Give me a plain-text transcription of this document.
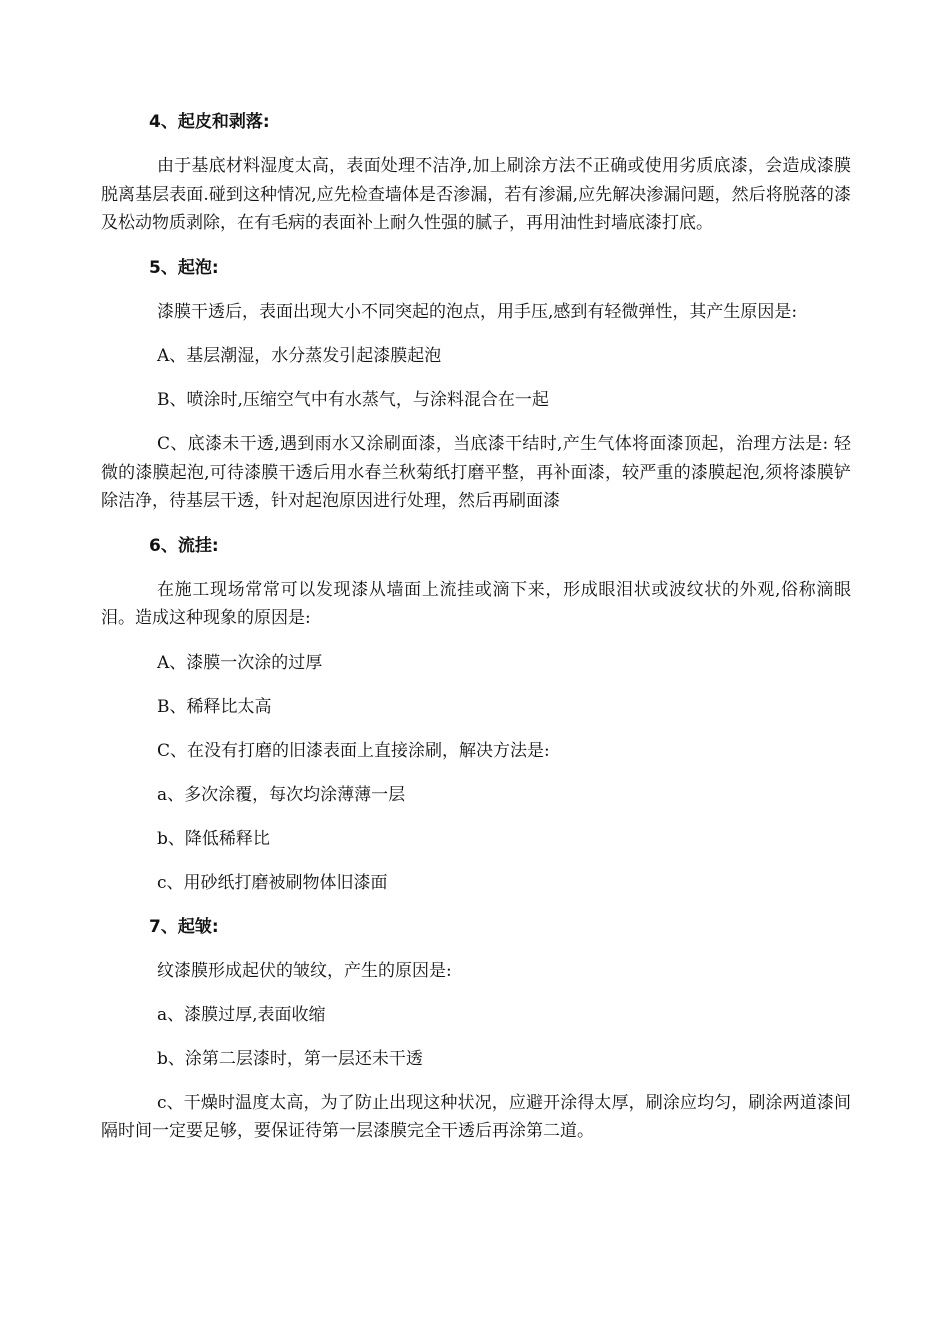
4、起皮和剥落:

由于基底材料湿度太高，表面处理不洁净,加上刷涂方法不正确或使用劣质底漆，会造成漆膜脱离基层表面.碰到这种情况,应先检查墙体是否渗漏，若有渗漏,应先解决渗漏问题，然后将脱落的漆及松动物质剥除，在有毛病的表面补上耐久性强的腻子，再用油性封墙底漆打底。

5、起泡:

漆膜干透后，表面出现大小不同突起的泡点，用手压,感到有轻微弹性，其产生原因是:

A、基层潮湿，水分蒸发引起漆膜起泡

B、喷涂时,压缩空气中有水蒸气，与涂料混合在一起

C、底漆未干透,遇到雨水又涂刷面漆，当底漆干结时,产生气体将面漆顶起，治理方法是: 轻微的漆膜起泡,可待漆膜干透后用水春兰秋菊纸打磨平整，再补面漆，较严重的漆膜起泡,须将漆膜铲除洁净，待基层干透，针对起泡原因进行处理，然后再刷面漆

6、流挂:

在施工现场常常可以发现漆从墙面上流挂或滴下来，形成眼泪状或波纹状的外观,俗称滴眼泪。造成这种现象的原因是:

A、漆膜一次涂的过厚

B、稀释比太高

C、在没有打磨的旧漆表面上直接涂刷，解决方法是:

a、多次涂覆，每次均涂薄薄一层

b、降低稀释比

c、用砂纸打磨被刷物体旧漆面

7、起皱:

纹漆膜形成起伏的皱纹，产生的原因是:

a、漆膜过厚,表面收缩

b、涂第二层漆时，第一层还未干透

c、干燥时温度太高，为了防止出现这种状况，应避开涂得太厚，刷涂应均匀，刷涂两道漆间隔时间一定要足够，要保证待第一层漆膜完全干透后再涂第二道。
